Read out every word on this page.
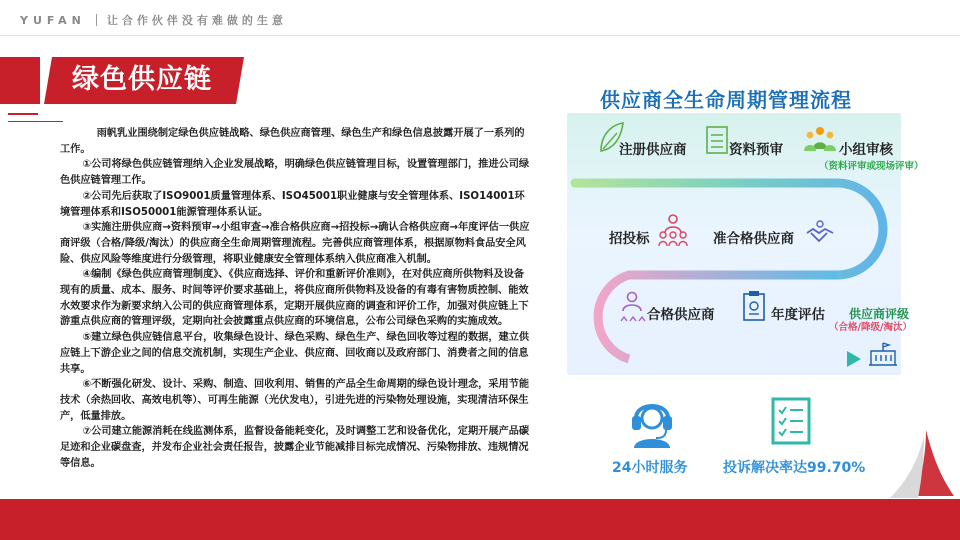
YUFAN 让合作伙伴没有难做的生意
绿色供应链

雨帆乳业围绕制定绿色供应链战略、绿色供应商管理、绿色生产和绿色信息披露开展了一系列的工作。

①公司将绿色供应链管理纳入企业发展战略，明确绿色供应链管理目标，设置管理部门，推进公司绿色供应链管理工作。

②公司先后获取了ISO9001质量管理体系、ISO45001职业健康与安全管理体系、ISO14001环境管理体系和ISO50001能源管理体系认证。

③实施注册供应商→资料预审→小组审查→准合格供应商→招投标→确认合格供应商→年度评估一供应商评级（合格/降级/淘汰）的供应商全生命周期管理流程。完善供应商管理体系，根据原物料食品安全风险、供应风险等维度进行分级管理，将职业健康安全管理体系纳入供应商准入机制。

④编制《绿色供应商管理制度》、《供应商选择、评价和重新评价准则》，在对供应商所供物料及设备现有的质量、成本、服务、时间等评价要求基础上，将供应商所供物料及设备的有毒有害物质控制、能效水效要求作为新要求纳入公司的供应商管理体系，定期开展供应商的调查和评价工作，加强对供应链上下游重点供应商的管理评级，定期向社会披露重点供应商的环境信息，公布公司绿色采购的实施成效。

⑤建立绿色供应链信息平台，收集绿色设计、绿色采购、绿色生产、绿色回收等过程的数据，建立供应链上下游企业之间的信息交流机制，实现生产企业、供应商、回收商以及政府部门、消费者之间的信息共享。

⑥不断强化研发、设计、采购、制造、回收利用、销售的产品全生命周期的绿色设计理念，采用节能技术（余热回收、高效电机等）、可再生能源（光伏发电），引进先进的污染物处理设施，实现清洁环保生产，低量排放。

⑦公司建立能源消耗在线监测体系，监督设备能耗变化，及时调整工艺和设备优化，定期开展产品碳足迹和企业碳盘查，并发布企业社会责任报告，披露企业节能减排目标完成情况、污染物排放、违规情况等信息。

供应商全生命周期管理流程
注册供应商	资料预审	小组审核
（资料评审或现场评审）
招投标	准合格供应商
合格供应商	年度评估 供应商评级
（合格/降级/淘汰）
24小时服务	投诉解决率达99.70%
